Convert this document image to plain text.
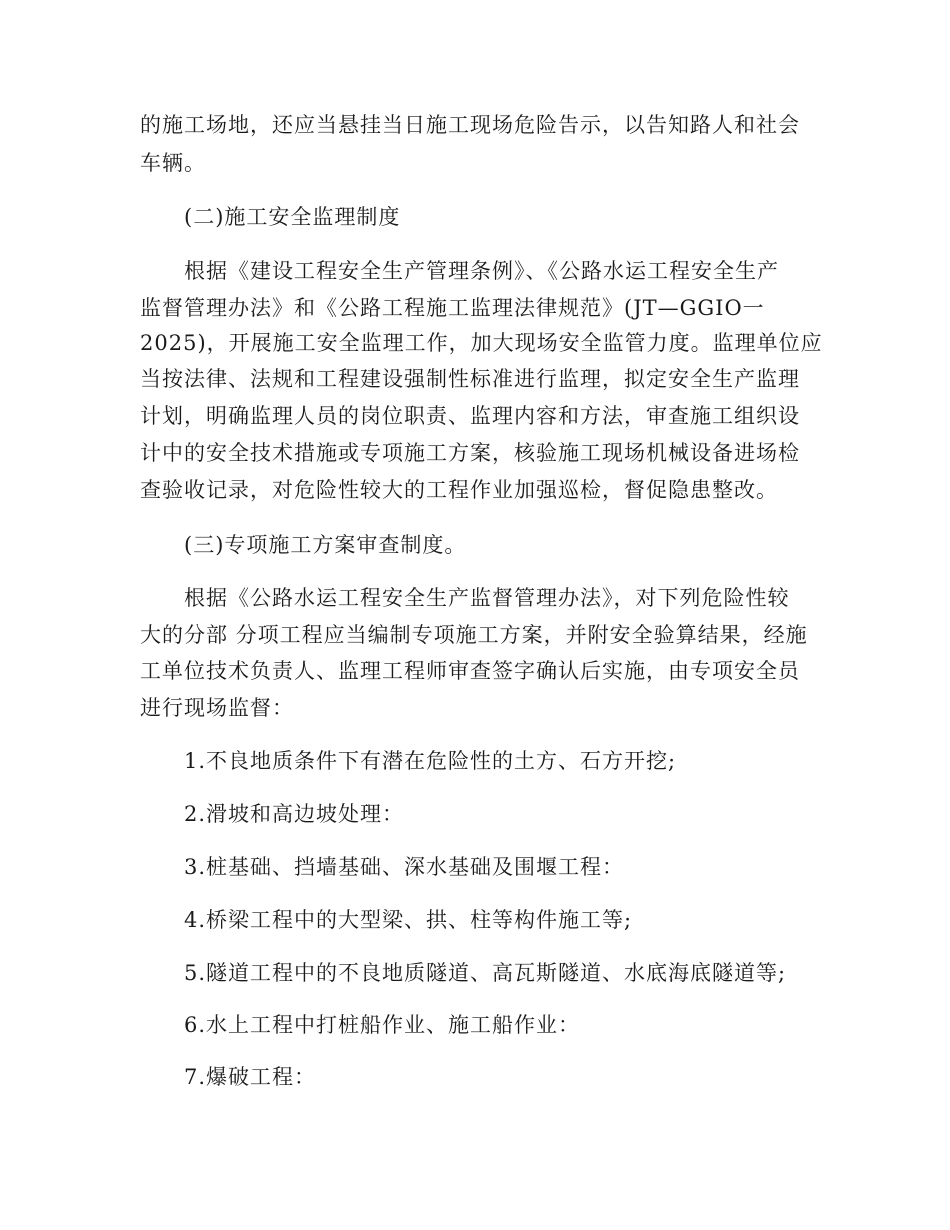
的施工场地，还应当悬挂当日施工现场危险告示，以告知路人和社会
车辆。
(二)施工安全监理制度
根据《建设工程安全生产管理条例》、《公路水运工程安全生产
监督管理办法》和《公路工程施工监理法律规范》(JT—GGIO一
2025)，开展施工安全监理工作，加大现场安全监管力度。监理单位应
当按法律、法规和工程建设强制性标准进行监理，拟定安全生产监理
计划，明确监理人员的岗位职责、监理内容和方法，审查施工组织设
计中的安全技术措施或专项施工方案，核验施工现场机械设备进场检
查验收记录，对危险性较大的工程作业加强巡检，督促隐患整改。
(三)专项施工方案审查制度。
根据《公路水运工程安全生产监督管理办法》，对下列危险性较
大的分部 分项工程应当编制专项施工方案，并附安全验算结果，经施
工单位技术负责人、监理工程师审查签字确认后实施，由专项安全员
进行现场监督：
1.不良地质条件下有潜在危险性的土方、石方开挖;
2.滑坡和高边坡处理：
3.桩基础、挡墙基础、深水基础及围堰工程：
4.桥梁工程中的大型梁、拱、柱等构件施工等;
5.隧道工程中的不良地质隧道、高瓦斯隧道、水底海底隧道等;
6.水上工程中打桩船作业、施工船作业：
7.爆破工程：
